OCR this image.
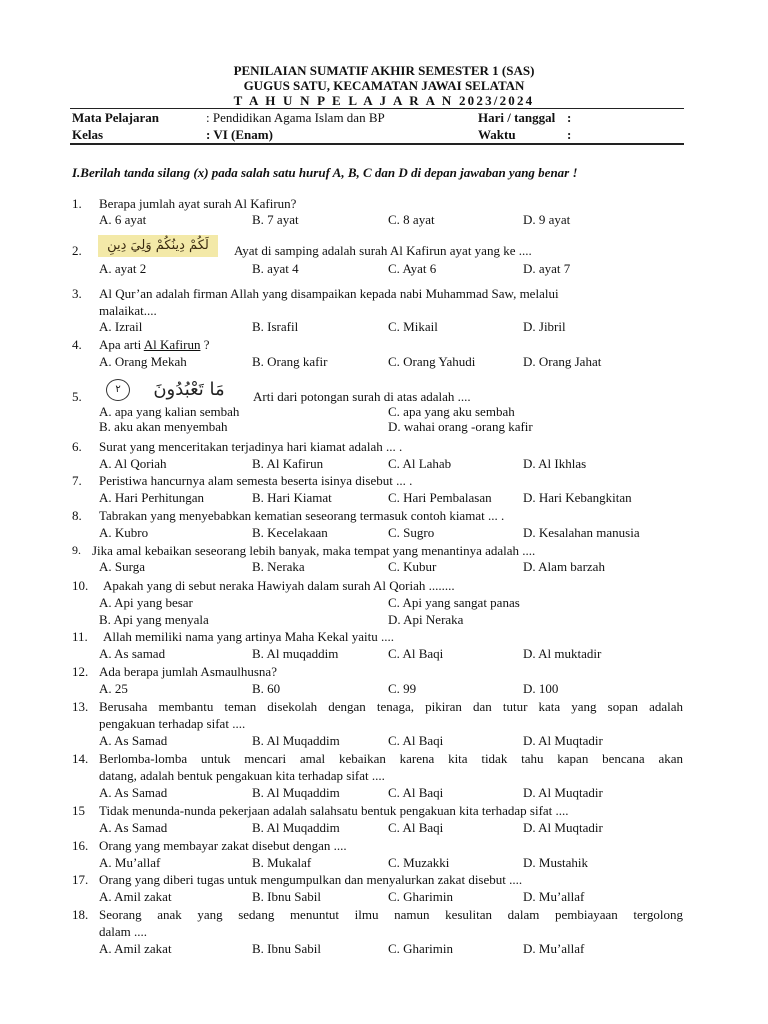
PENILAIAN SUMATIF AKHIR SEMESTER 1 (SAS)
GUGUS SATU, KECAMATAN JAWAI SELATAN
T A H U N P E L A J A R A N 2023/2024
Mata Pelajaran	: Pendidikan Agama Islam dan BP	Hari / tanggal :
Kelas	: VI (Enam)	Waktu	:
I.Berilah tanda silang (x) pada salah satu huruf A, B, C dan D di depan jawaban yang benar !
1. Berapa jumlah ayat surah Al Kafirun?
A. 6 ayat	B. 7 ayat	C. 8 ayat	D. 9 ayat
2.	Ayat di samping adalah surah Al Kafirun ayat yang ke ....
لَكُمْ دِينُكُمْ وَلِيَ دِينِ
A. ayat 2	B. ayat 4	C. Ayat 6	D. ayat 7
3. Al Qur’an adalah firman Allah yang disampaikan kepada nabi Muhammad Saw, melalui
malaikat....
A. Izrail	B. Israfil	C. Mikail	D. Jibril
4. Apa arti Al Kafirun ?
A. Orang Mekah	B. Orang kafir	C. Orang Yahudi	D. Orang Jahat
5.	Arti dari potongan surah di atas adalah ....
٢	مَا تَعْبُدُونَ
A. apa yang kalian sembah	C. apa yang aku sembah
B. aku akan menyembah	D. wahai orang -orang kafir
6. Surat yang menceritakan terjadinya hari kiamat adalah ... .
A. Al Qoriah	B. Al Kafirun	C. Al Lahab	D. Al Ikhlas
7. Peristiwa hancurnya alam semesta beserta isinya disebut ... .
A. Hari Perhitungan	B. Hari Kiamat	C. Hari Pembalasan D. Hari Kebangkitan
8. Tabrakan yang menyebabkan kematian seseorang termasuk contoh kiamat ... .
A. Kubro	B. Kecelakaan	C. Sugro	D. Kesalahan manusia
9. Jika amal kebaikan seseorang lebih banyak, maka tempat yang menantinya adalah ....
A. Surga	B. Neraka	C. Kubur	D. Alam barzah
10. Apakah yang di sebut neraka Hawiyah dalam surah Al Qoriah ........
A. Api yang besar	C. Api yang sangat panas
B. Api yang menyala	D. Api Neraka
11. Allah memiliki nama yang artinya Maha Kekal yaitu ....
A. As samad	B. Al muqaddim	C. Al Baqi	D. Al muktadir
12. Ada berapa jumlah Asmaulhusna?
A. 25	B. 60	C. 99	D. 100
13. Berusaha membantu teman disekolah dengan tenaga, pikiran dan tutur kata yang sopan adalah
pengakuan terhadap sifat ....
A. As Samad	B. Al Muqaddim	C. Al Baqi	D. Al Muqtadir
14. Berlomba-lomba untuk mencari amal kebaikan karena kita tidak tahu kapan bencana akan
datang, adalah bentuk pengakuan kita terhadap sifat ....
A. As Samad	B. Al Muqaddim	C. Al Baqi	D. Al Muqtadir
15 Tidak menunda-nunda pekerjaan adalah salahsatu bentuk pengakuan kita terhadap sifat ....
A. As Samad	B. Al Muqaddim	C. Al Baqi	D. Al Muqtadir
16. Orang yang membayar zakat disebut dengan ....
A. Mu’allaf	B. Mukalaf	C. Muzakki	D. Mustahik
17. Orang yang diberi tugas untuk mengumpulkan dan menyalurkan zakat disebut ....
A. Amil zakat	B. Ibnu Sabil	C. Gharimin	D. Mu’allaf
18. Seorang anak yang sedang menuntut ilmu namun kesulitan dalam pembiayaan tergolong
dalam ....
A. Amil zakat	B. Ibnu Sabil	C. Gharimin	D. Mu’allaf
